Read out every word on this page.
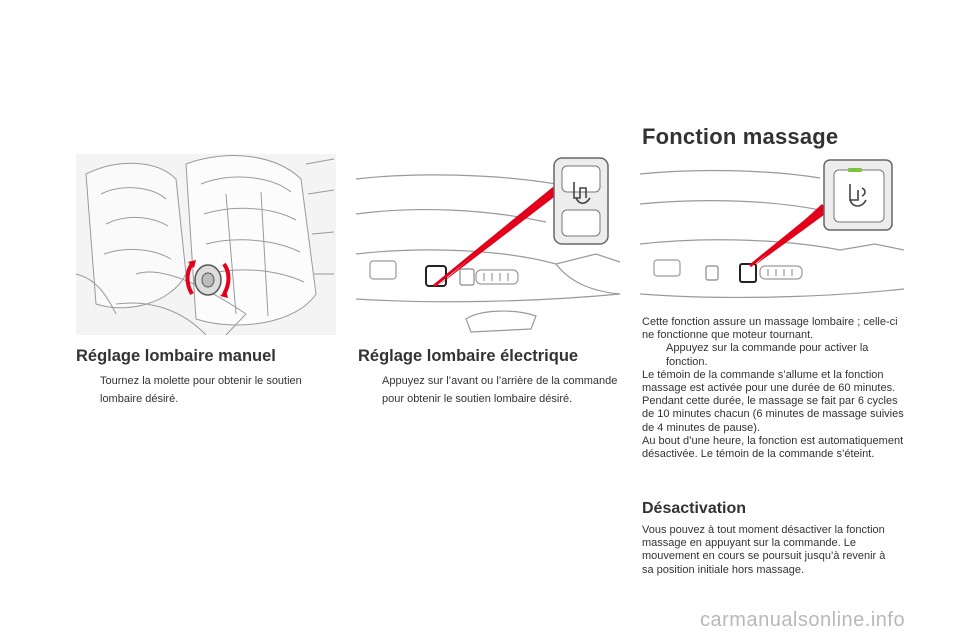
Fonction massage
Réglage lombaire manuel
Tournez la molette pour obtenir le soutien lombaire désiré.
Réglage lombaire électrique
Appuyez sur l’avant ou l’arrière de la commande pour obtenir le soutien lombaire désiré.

Cette fonction assure un massage lombaire ; celle-ci ne fonctionne que moteur tournant.

Appuyez sur la commande pour activer la fonction.

Le témoin de la commande s’allume et la fonction massage est activée pour une durée de 60 minutes. Pendant cette durée, le massage se fait par 6 cycles de 10 minutes chacun (6 minutes de massage suivies de 4 minutes de pause).

Au bout d’une heure, la fonction est automatiquement désactivée. Le témoin de la commande s’éteint.

Désactivation

Vous pouvez à tout moment désactiver la fonction massage en appuyant sur la commande. Le mouvement en cours se poursuit jusqu’à revenir à sa position initiale hors massage.

carmanualsonline.info
